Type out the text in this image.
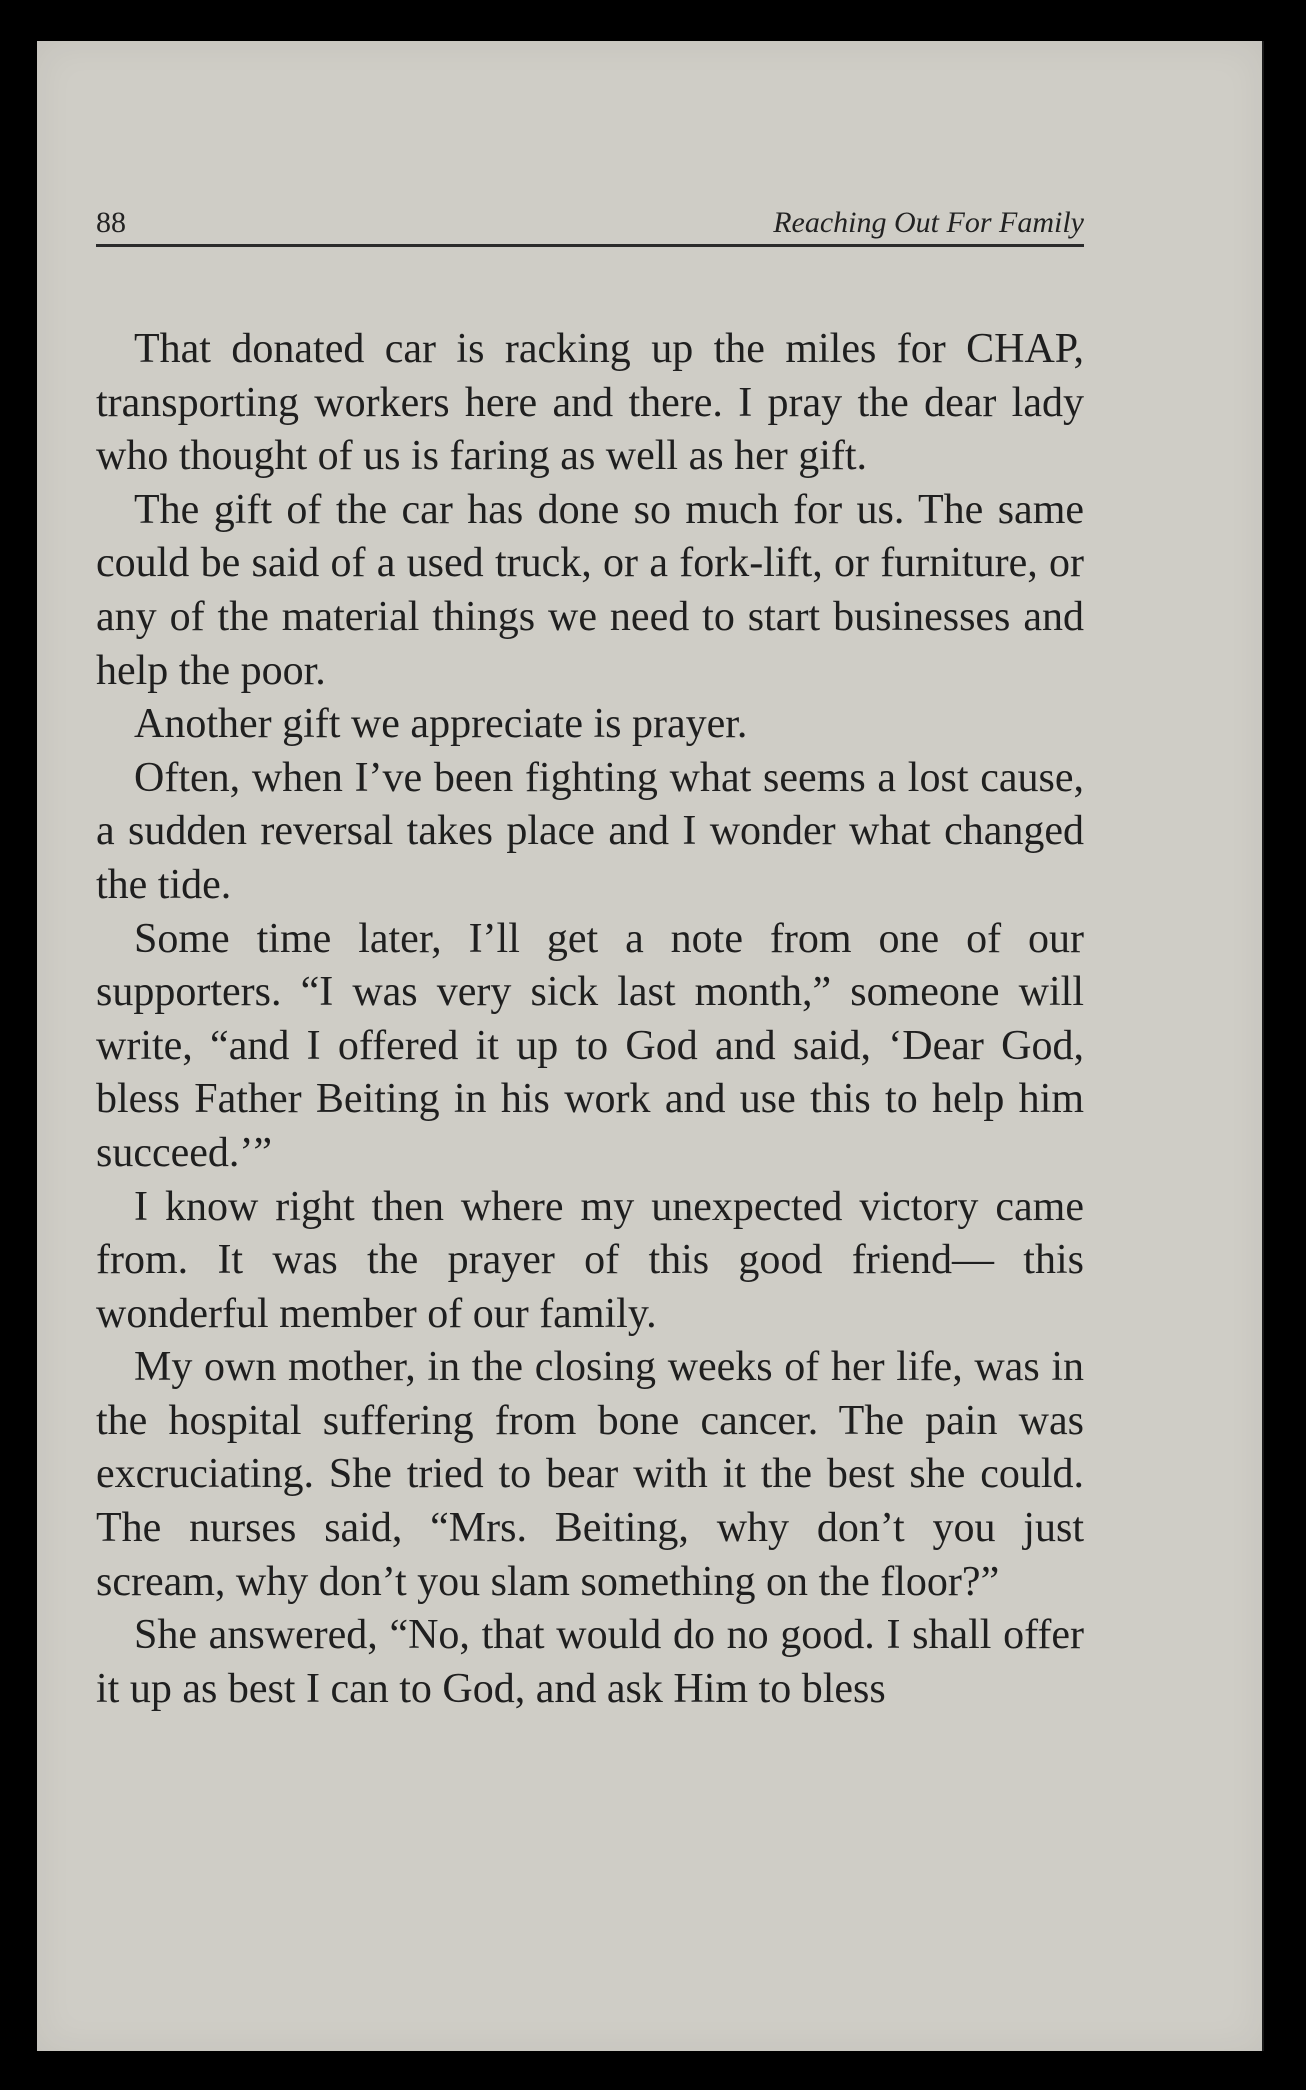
88	Reaching Out For Family

That donated car is racking up the miles for CHAP, transporting workers here and there. I pray the dear lady who thought of us is faring as well as her gift.

The gift of the car has done so much for us. The same could be said of a used truck, or a fork-lift, or furniture, or any of the material things we need to start businesses and help the poor.

Another gift we appreciate is prayer.

Often, when I’ve been fighting what seems a lost cause, a sudden reversal takes place and I wonder what changed the tide.

Some time later, I’ll get a note from one of our supporters. “I was very sick last month,” someone will write, “and I offered it up to God and said, ‘Dear God, bless Father Beiting in his work and use this to help him succeed.’”

I know right then where my unexpected victory came from. It was the prayer of this good friend— this wonderful member of our family.

My own mother, in the closing weeks of her life, was in the hospital suffering from bone cancer. The pain was excruciating. She tried to bear with it the best she could. The nurses said, “Mrs. Beiting, why don’t you just scream, why don’t you slam something on the floor?”

She answered, “No, that would do no good. I shall offer it up as best I can to God, and ask Him to bless
